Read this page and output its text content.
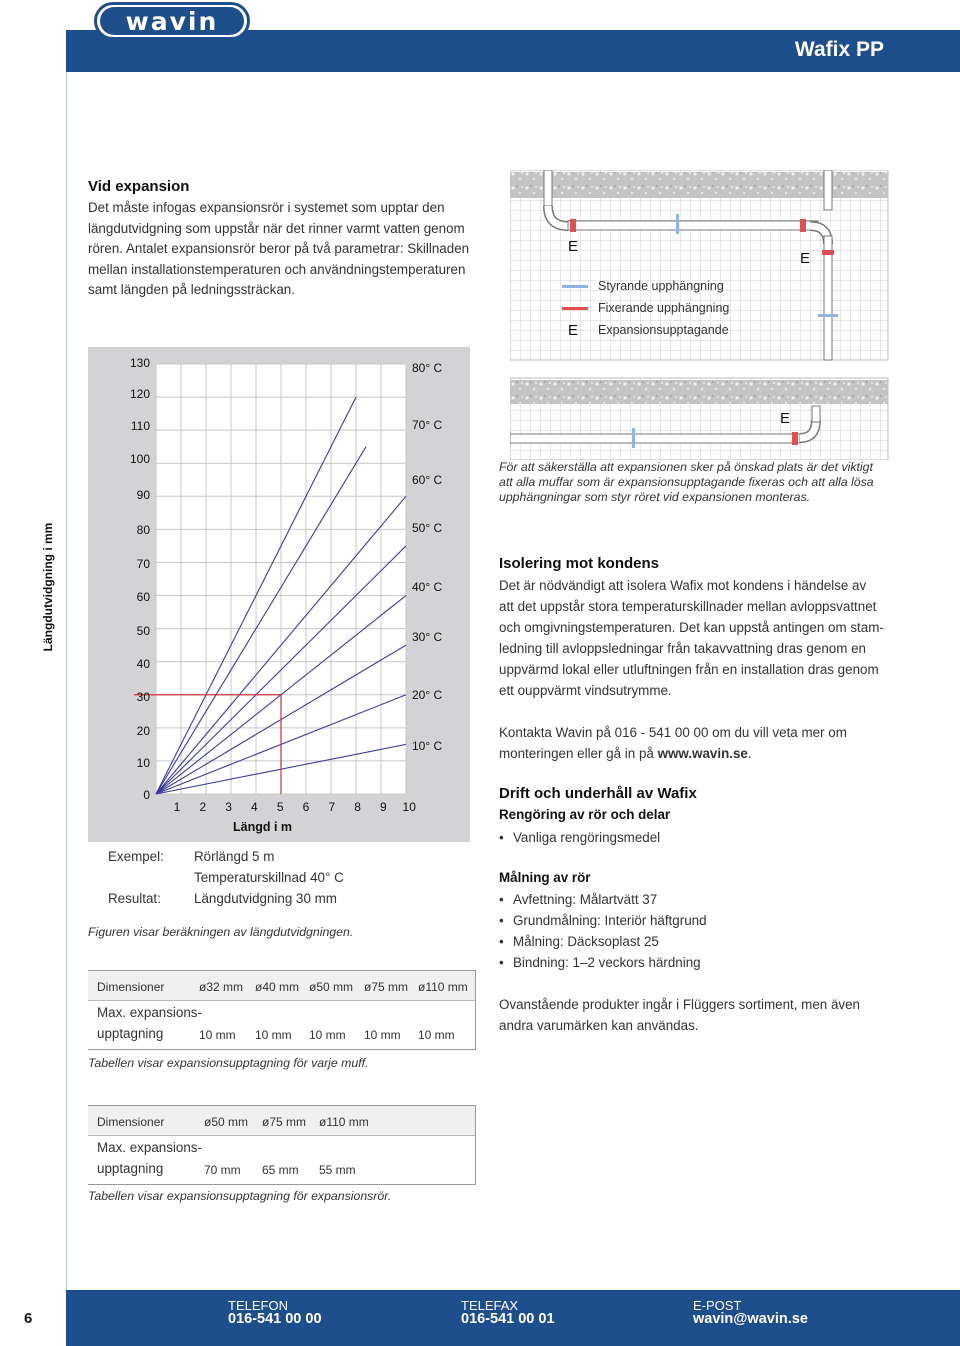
wavin
Wafix PP
Vid expansion
Det måste infogas expansionsrör i systemet som upptar den
längdutvidgning som uppstår när det rinner varmt vatten genom
rören. Antalet expansionsrör beror på två parametrar: Skillnaden
mellan installationstemperaturen och användningstemperaturen
samt längden på ledningssträckan.
E
E
E
E
Styrande upphängning
Fixerande upphängning
Expansionsupptagande
För att säkerställa att expansionen sker på önskad plats är det viktigt
att alla muffar som är expansionsupptagande fixeras och att alla lösa
upphängningar som styr röret vid expansionen monteras.
130
120
110
100
90
80
70
60
50
40
30
20
10
0
1 2 3 4 5 6 7 8 9 10
10° C
20° C
30° C
40° C
50° C
60° C
70° C
80° C
Längdutvidgning i mm
Längd i m
Exempel: Rörlängd 5 m
Temperaturskillnad 40° C
Resultat: Längdutvidgning 30 mm
Figuren visar beräkningen av längdutvidgningen.
Dimensioner	ø32 mm ø40 mm ø50 mm ø75 mm ø110 mm
Max. expansions-
upptagning	10 mm 10 mm 10 mm 10 mm 10 mm
Tabellen visar expansionsupptagning för varje muff.
Dimensioner	ø50 mm ø75 mm ø110 mm
Max. expansions-
upptagning	70 mm 65 mm 55 mm
Tabellen visar expansionsupptagning för expansionsrör.
Isolering mot kondens
Det är nödvändigt att isolera Wafix mot kondens i händelse av
att det uppstår stora temperaturskillnader mellan avloppsvattnet
och omgivningstemperaturen. Det kan uppstå antingen om stam-
ledning till avloppsledningar från takavvattning dras genom en
uppvärmd lokal eller utluftningen från en installation dras genom
ett ouppvärmt vindsutrymme.
Kontakta Wavin på 016 - 541 00 00 om du vill veta mer om
monteringen eller gå in på www.wavin.se.
Drift och underhåll av Wafix
Rengöring av rör och delar
• Vanliga rengöringsmedel
Målning av rör
• Avfettning: Målartvätt 37
• Grundmålning: Interiör häftgrund
• Målning: Däcksoplast 25
• Bindning: 1–2 veckors härdning
Ovanstående produkter ingår i Flüggers sortiment, men även
andra varumärken kan användas.
6
TELEFON
016-541 00 00
TELEFAX
016-541 00 01
E-POST
wavin@wavin.se
